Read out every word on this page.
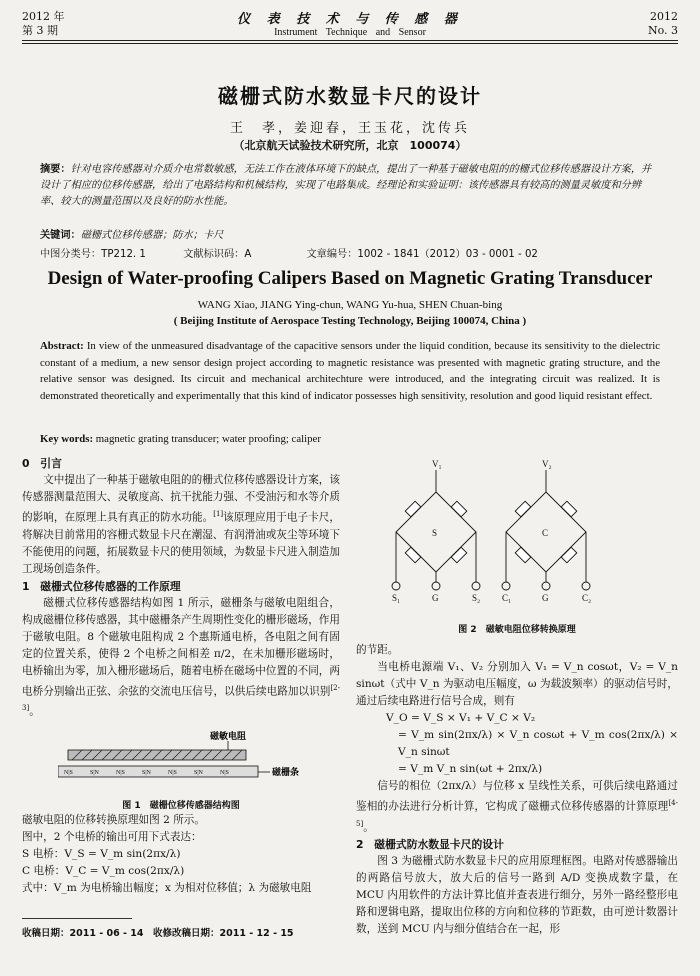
2012 年
第 3 期
仪 表 技 术 与 传 感 器
Instrument Technique and Sensor
2012
No. 3
磁栅式防水数显卡尺的设计
王　孝，姜迎春，王玉花，沈传兵
（北京航天试验技术研究所，北京　100074）
摘要：针对电容传感器对介质介电常数敏感，无法工作在液体环境下的缺点，提出了一种基于磁敏电阻的的栅式位移传感器设计方案，并设计了相应的位移传感器，给出了电路结构和机械结构，实现了电路集成。经理论和实验证明：该传感器具有较高的测量灵敏度和分辨率、较大的测量范围以及良好的防水性能。
关键词：磁栅式位移传感器；防水；卡尺
中图分类号：TP212. 1	文献标识码：A	文章编号：1002 - 1841（2012）03 - 0001 - 02
Design of Water-proofing Calipers Based on Magnetic Grating Transducer
WANG Xiao, JIANG Ying-chun, WANG Yu-hua, SHEN Chuan-bing
( Beijing Institute of Aerospace Testing Technology, Beijing 100074, China )
Abstract: In view of the unmeasured disadvantage of the capacitive sensors under the liquid condition, because its sensitivity to the dielectric constant of a medium, a new sensor design project according to magnetic resistance was presented with magnetic grating structure, and the relative sensor was designed. Its circuit and mechanical architechture were introduced, and the integrating circuit was realized. It is demonstrated theoretically and experimentally that this kind of indicator possesses high sensitivity, resolution and good liquid resistant effect.
Key words: magnetic grating transducer; water proofing; caliper
0　引言
文中提出了一种基于磁敏电阻的的栅式位移传感器设计方案，该传感器测量范围大、灵敏度高、抗干扰能力强、不受油污和水等介质的影响，在原理上具有真正的防水功能。[1]该原理应用于电子卡尺，将解决目前常用的容栅式数显卡尺在潮湿、有润滑油或灰尘等环境下不能使用的问题，拓展数显卡尺的使用领域，为数显卡尺进入制造加工现场创造条件。
1　磁栅式位移传感器的工作原理
磁栅式位移传感器结构如图 1 所示，磁栅条与磁敏电阻组合，构成磁栅位移传感器，其中磁栅条产生周期性变化的栅形磁场，作用于磁敏电阻。8 个磁敏电阻构成 2 个惠斯通电桥，各电阻之间有固定的位置关系，使得 2 个电桥之间相差 π/2，在未加栅形磁场时，电桥输出为零，加入栅形磁场后，随着电桥在磁场中位置的不同，两电桥分别输出正弦、余弦的交流电压信号，以供后续电路加以识别[2-3]。
磁敏电阻
N|S	S|N	N|S	S|N	N|S	S|N	N|S	磁栅条
图 1　磁栅位移传感器结构图
磁敏电阻的位移转换原理如图 2 所示。
图中，2 个电桥的输出可用下式表达：
S 电桥：V_S = V_m sin(2πx/λ)
C 电桥：V_C = V_m cos(2πx/λ)
式中：V_m 为电桥输出幅度；x 为相对位移值；λ 为磁敏电阻
收稿日期：2011 - 06 - 14　 收修改稿日期：2011 - 12 - 15
V₁	V₂
S	C
S₁	G	S₂ C₁	G	C₂
图 2　磁敏电阻位移转换原理
的节距。
当电桥电源端 V₁、V₂ 分别加入 V₁ = V_n cosωt，V₂ = V_n sinωt（式中 V_n 为驱动电压幅度，ω 为载波频率）的驱动信号时，通过后续电路进行信号合成，则有
V_O = V_S × V₁ + V_C × V₂
= V_m sin(2πx/λ) × V_n cosωt + V_m cos(2πx/λ) × V_n sinωt
= V_m V_n sin(ωt + 2πx/λ)
信号的相位（2πx/λ）与位移 x 呈线性关系，可供后续电路通过鉴相的办法进行分析计算，它构成了磁栅式位移传感器的计算原理[4-5]。
2　磁栅式防水数显卡尺的设计
图 3 为磁栅式防水数显卡尺的应用原理框图。电路对传感器输出的两路信号放大，放大后的信号一路到 A/D 变换成数字量，在 MCU 内用软件的方法计算比值并查表进行细分，另外一路经整形电路和逻辑电路，提取出位移的方向和位移的节距数，由可逆计数器计数，送到 MCU 内与细分值结合在一起，形
